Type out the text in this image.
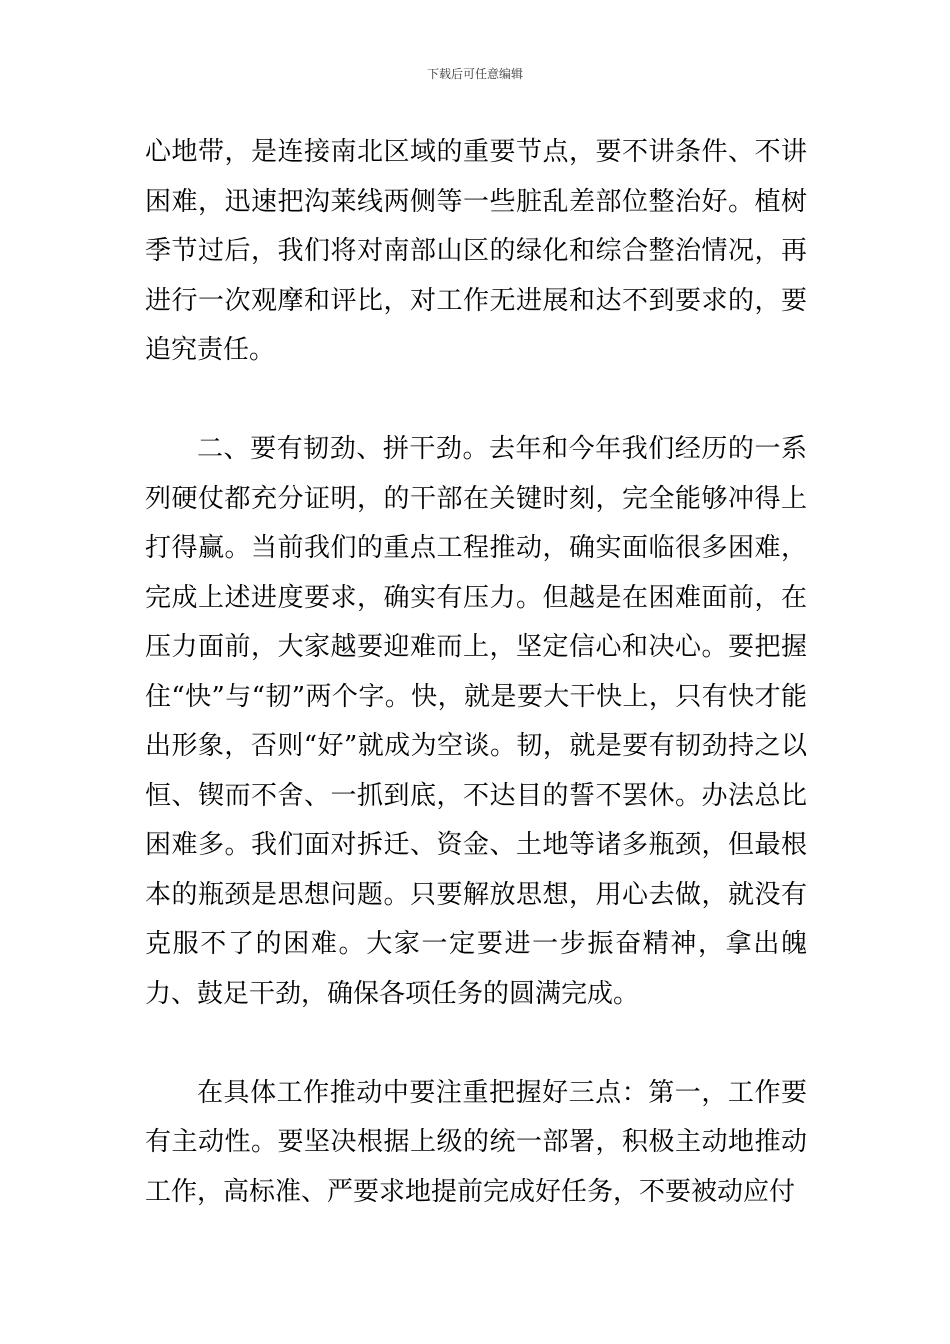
下载后可任意编辑

心地带，是连接南北区域的重要节点，要不讲条件、不讲困难，迅速把沟莱线两侧等一些脏乱差部位整治好。植树季节过后，我们将对南部山区的绿化和综合整治情况，再进行一次观摩和评比，对工作无进展和达不到要求的，要追究责任。

二、要有韧劲、拼干劲。去年和今年我们经历的一系列硬仗都充分证明，的干部在关键时刻，完全能够冲得上打得赢。当前我们的重点工程推动，确实面临很多困难，完成上述进度要求，确实有压力。但越是在困难面前，在压力面前，大家越要迎难而上，坚定信心和决心。要把握住“快”与“韧”两个字。快，就是要大干快上，只有快才能出形象，否则“好”就成为空谈。韧，就是要有韧劲持之以恒、锲而不舍、一抓到底，不达目的誓不罢休。办法总比困难多。我们面对拆迁、资金、土地等诸多瓶颈，但最根本的瓶颈是思想问题。只要解放思想，用心去做，就没有克服不了的困难。大家一定要进一步振奋精神，拿出魄力、鼓足干劲，确保各项任务的圆满完成。

在具体工作推动中要注重把握好三点：第一，工作要有主动性。要坚决根据上级的统一部署，积极主动地推动工作，高标准、严要求地提前完成好任务，不要被动应付
